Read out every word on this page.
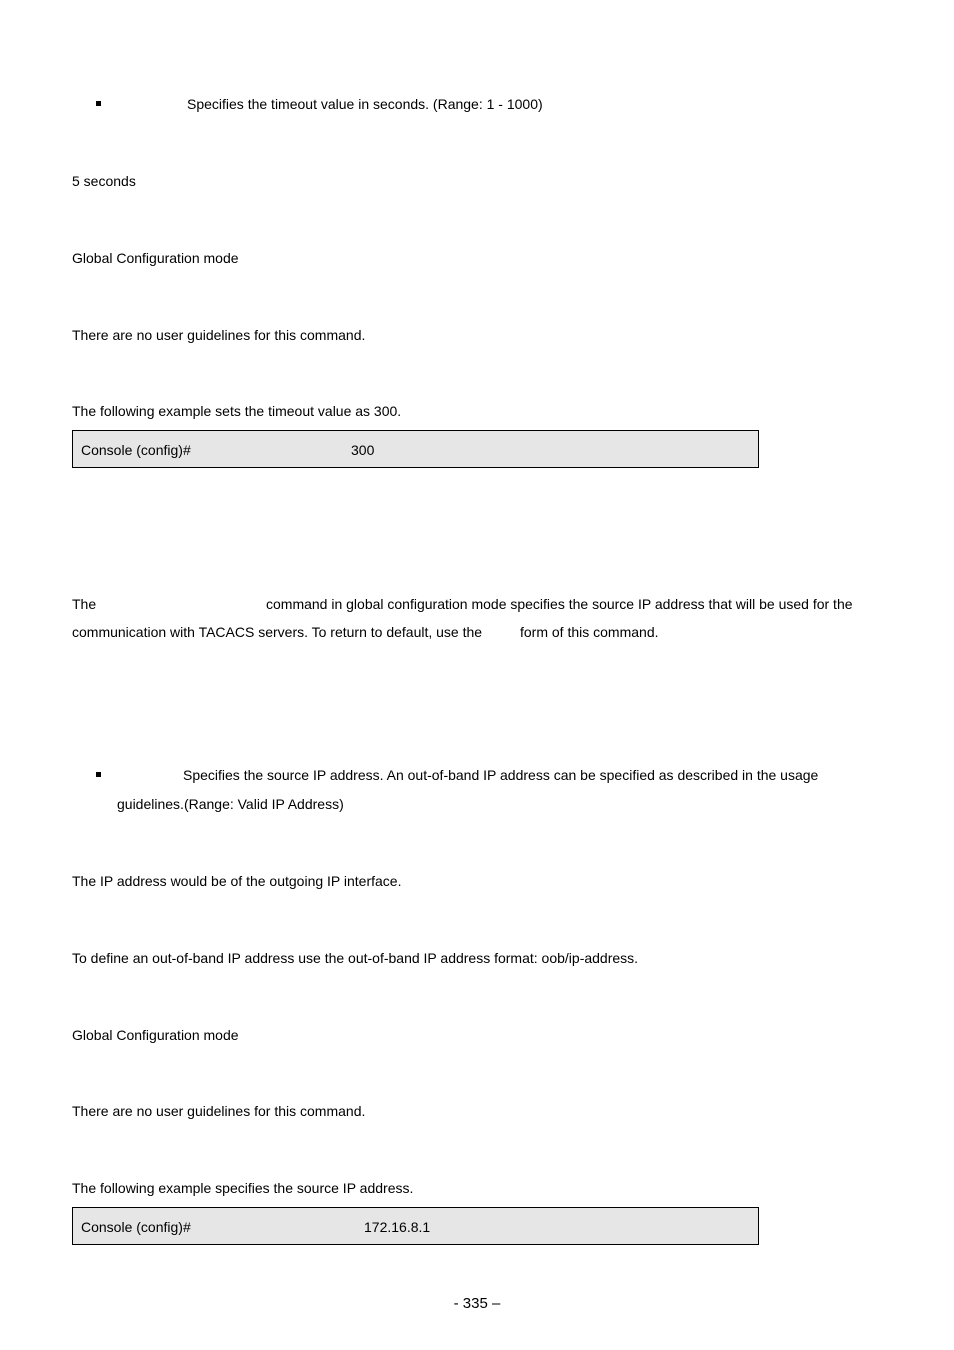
Specifies the timeout value in seconds. (Range: 1 - 1000)
5 seconds
Global Configuration mode
There are no user guidelines for this command.
The following example sets the timeout value as 300.
Console (config)#	300
The	command in global configuration mode specifies the source IP address that will be used for the
communication with TACACS servers. To return to default, use the	form of this command.
Specifies the source IP address. An out-of-band IP address can be specified as described in the usage
guidelines.(Range: Valid IP Address)
The IP address would be of the outgoing IP interface.
To define an out-of-band IP address use the out-of-band IP address format: oob/ip-address.
Global Configuration mode
There are no user guidelines for this command.
The following example specifies the source IP address.
Console (config)#	172.16.8.1
- 335 –
